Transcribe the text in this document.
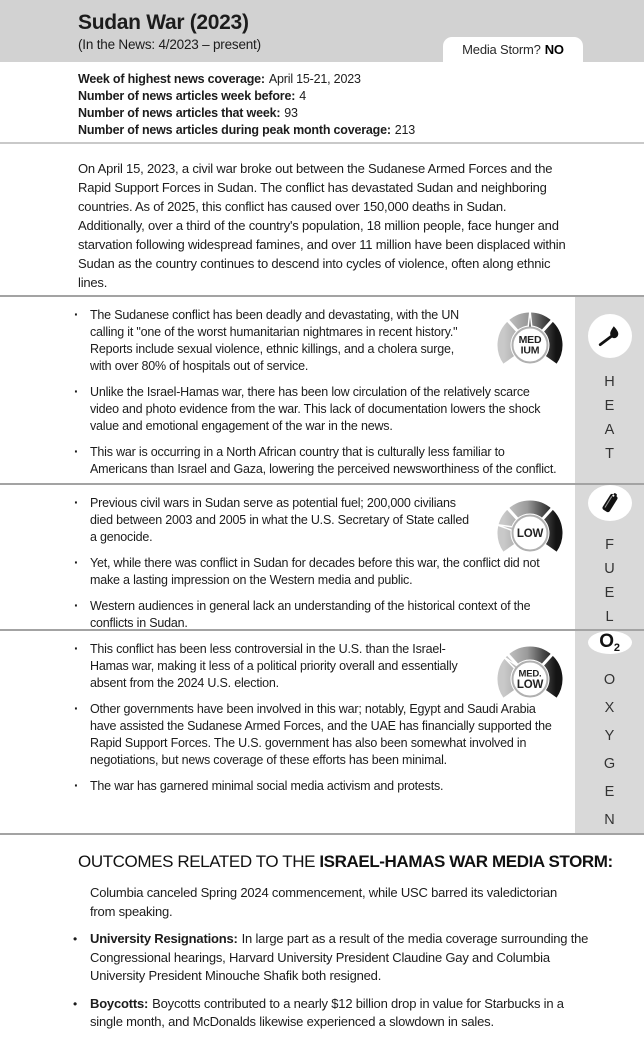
Sudan War (2023)
(In the News: 4/2023 – present)	Media Storm? NO
Week of highest news coverage: April 15-21, 2023
Number of news articles week before: 4
Number of news articles that week: 93
Number of news articles during peak month coverage: 213
On April 15, 2023, a civil war broke out between the Sudanese Armed Forces and the Rapid Support Forces in Sudan. The conflict has devastated Sudan and neighboring countries. As of 2025, this conflict has caused over 150,000 deaths in Sudan. Additionally, over a third of the country's population, 18 million people, face hunger and starvation following widespread famines, and over 11 million have been displaced within Sudan as the country continues to descend into cycles of violence, often along ethnic lines.
· The Sudanese conflict has been deadly and devastating, with the UN calling it "one of the worst humanitarian nightmares in recent history." Reports include sexual violence, ethnic killings, and a cholera surge, with over 80% of hospitals out of service.
· Unlike the Israel-Hamas war, there has been low circulation of the relatively scarce video and photo evidence from the war. This lack of documentation lowers the shock value and emotional engagement of the war in the news.
· This war is occurring in a North African country that is culturally less familiar to Americans than Israel and Gaza, lowering the perceived newsworthiness of the conflict.
MED
IUM
HEAT
· Previous civil wars in Sudan serve as potential fuel; 200,000 civilians died between 2003 and 2005 in what the U.S. Secretary of State called a genocide.
· Yet, while there was conflict in Sudan for decades before this war, the conflict did not make a lasting impression on the Western media and public.
· Western audiences in general lack an understanding of the historical context of the conflicts in Sudan.
LOW
FUEL
· This conflict has been less controversial in the U.S. than the Israel-Hamas war, making it less of a political priority overall and essentially absent from the 2024 U.S. election.
· Other governments have been involved in this war; notably, Egypt and Saudi Arabia have assisted the Sudanese Armed Forces, and the UAE has financially supported the Rapid Support Forces. The U.S. government has also been somewhat involved in negotiations, but news coverage of these efforts has been minimal.
· The war has garnered minimal social media activism and protests.
MED.
LOW
$O_2$
OXYGEN
OUTCOMES RELATED TO THE ISRAEL-HAMAS WAR MEDIA STORM:
Columbia canceled Spring 2024 commencement, while USC barred its valedictorian from speaking.
• University Resignations: In large part as a result of the media coverage surrounding the Congressional hearings, Harvard University President Claudine Gay and Columbia University President Minouche Shafik both resigned.
• Boycotts: Boycotts contributed to a nearly $12 billion drop in value for Starbucks in a single month, and McDonalds likewise experienced a slowdown in sales.
